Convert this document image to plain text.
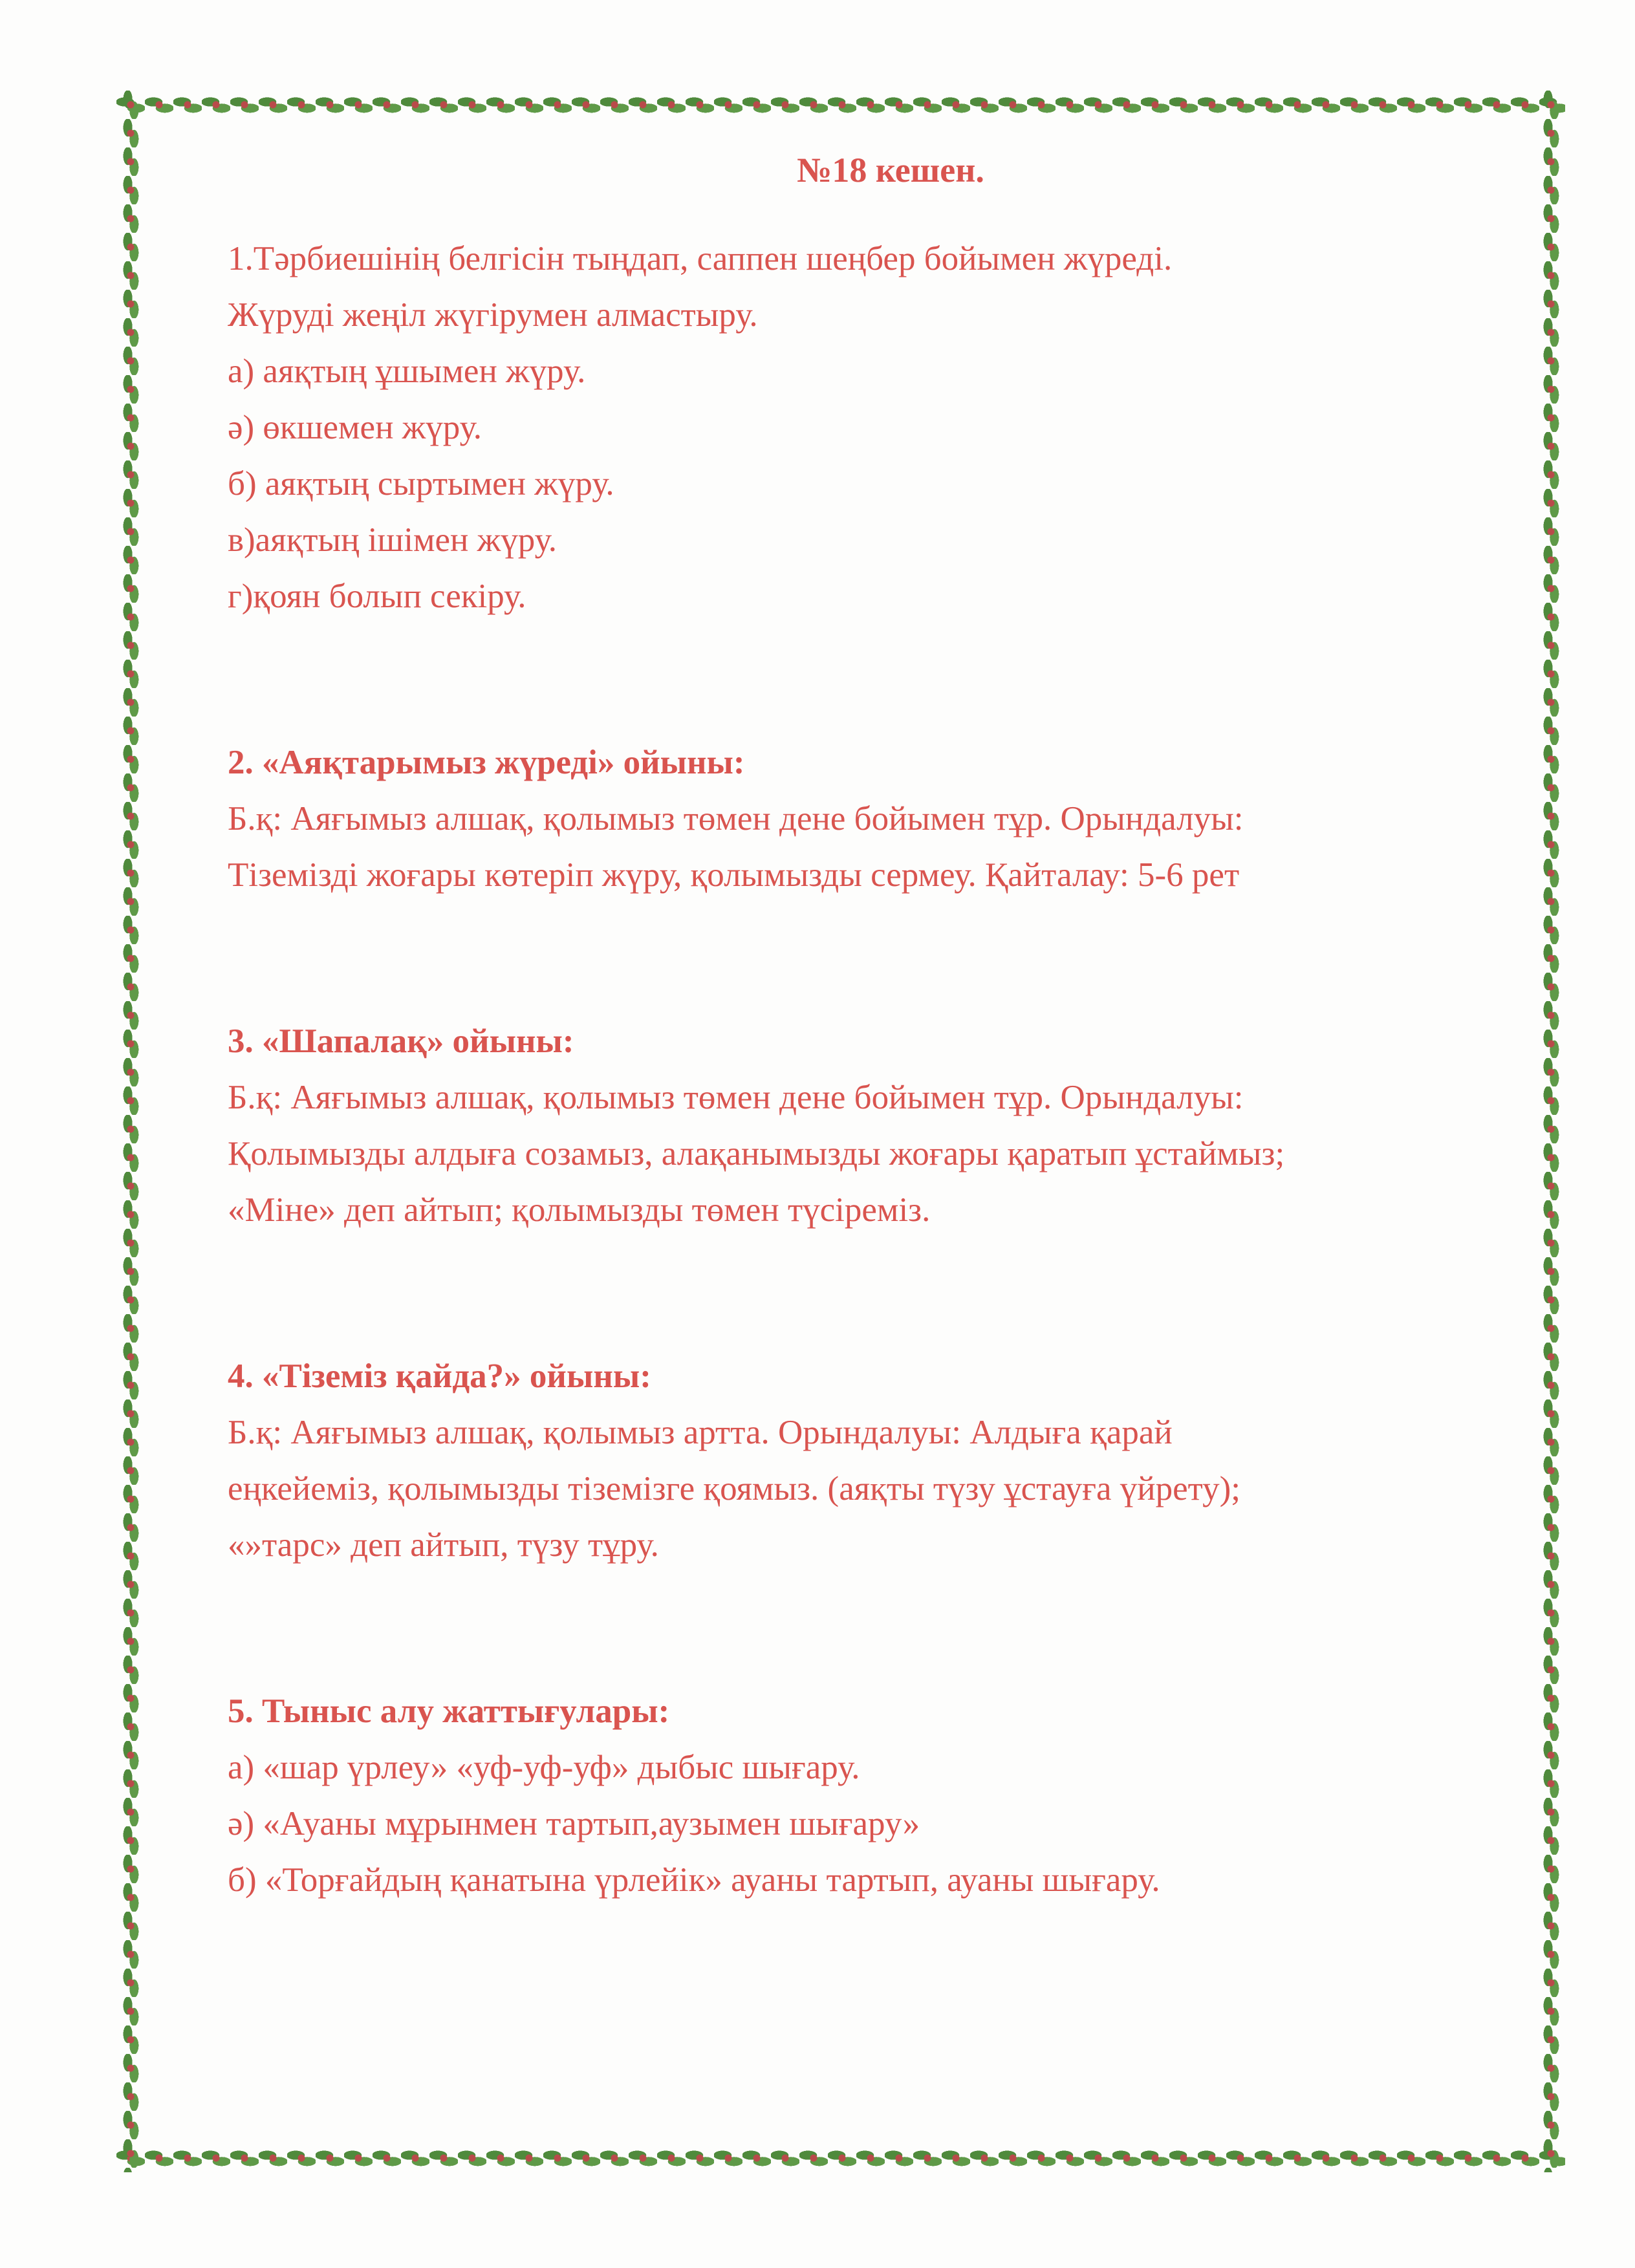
№18 кешен.

1.Тәрбиешінің белгісін тыңдап, саппен шеңбер бойымен жүреді.

Жүруді жеңіл жүгірумен алмастыру.

а) аяқтың ұшымен жүру.

ә) өкшемен жүру.

б) аяқтың сыртымен жүру.

в)аяқтың ішімен жүру.

г)қоян болып секіру.

2. «Аяқтарымыз жүреді» ойыны:

Б.қ: Аяғымыз алшақ, қолымыз төмен дене бойымен тұр. Орындалуы:

Тіземізді жоғары көтеріп жүру, қолымызды сермеу. Қайталау: 5-6 рет

3. «Шапалақ» ойыны:

Б.қ: Аяғымыз алшақ, қолымыз төмен дене бойымен тұр. Орындалуы:

Қолымызды алдыға созамыз, алақанымызды жоғары қаратып ұстаймыз;

«Міне» деп айтып; қолымызды төмен түсіреміз.

4. «Тіземіз қайда?» ойыны:

Б.қ: Аяғымыз алшақ, қолымыз артта. Орындалуы: Алдыға қарай

еңкейеміз, қолымызды тіземізге қоямыз. (аяқты түзу ұстауға үйрету);

«»тарс» деп айтып, түзу тұру.

5. Тыныс алу жаттығулары:

а) «шар үрлеу» «уф-уф-уф» дыбыс шығару.

ә) «Ауаны мұрынмен тартып,аузымен шығару»

б) «Торғайдың қанатына үрлейік» ауаны тартып, ауаны шығару.
